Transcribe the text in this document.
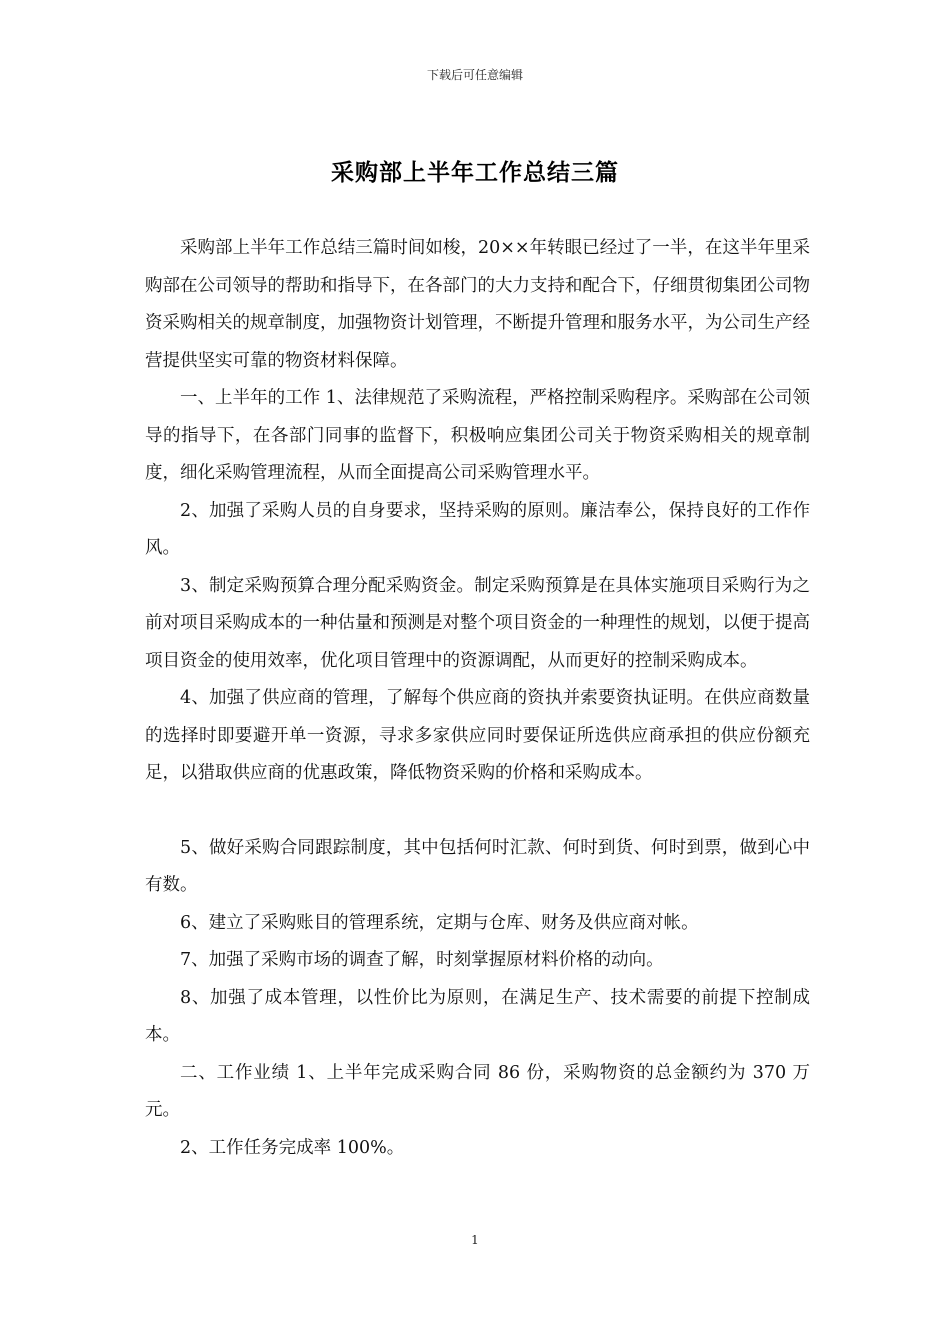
下载后可任意编辑
采购部上半年工作总结三篇

采购部上半年工作总结三篇时间如梭，20××年转眼已经过了一半，在这半年里采购部在公司领导的帮助和指导下，在各部门的大力支持和配合下，仔细贯彻集团公司物资采购相关的规章制度，加强物资计划管理，不断提升管理和服务水平，为公司生产经营提供坚实可靠的物资材料保障。

一、上半年的工作 1、法律规范了采购流程，严格控制采购程序。采购部在公司领导的指导下，在各部门同事的监督下，积极响应集团公司关于物资采购相关的规章制度，细化采购管理流程，从而全面提高公司采购管理水平。

2、加强了采购人员的自身要求，坚持采购的原则。廉洁奉公，保持良好的工作作风。

3、制定采购预算合理分配采购资金。制定采购预算是在具体实施项目采购行为之前对项目采购成本的一种估量和预测是对整个项目资金的一种理性的规划，以便于提高项目资金的使用效率，优化项目管理中的资源调配，从而更好的控制采购成本。

4、加强了供应商的管理，了解每个供应商的资执并索要资执证明。在供应商数量的选择时即要避开单一资源，寻求多家供应同时要保证所选供应商承担的供应份额充足，以猎取供应商的优惠政策，降低物资采购的价格和采购成本。

5、做好采购合同跟踪制度，其中包括何时汇款、何时到货、何时到票，做到心中有数。

6、建立了采购账目的管理系统，定期与仓库、财务及供应商对帐。

7、加强了采购市场的调查了解，时刻掌握原材料价格的动向。

8、加强了成本管理，以性价比为原则，在满足生产、技术需要的前提下控制成本。

二、工作业绩 1、上半年完成采购合同 86 份，采购物资的总金额约为 370 万元。

2、工作任务完成率 100%。

1
